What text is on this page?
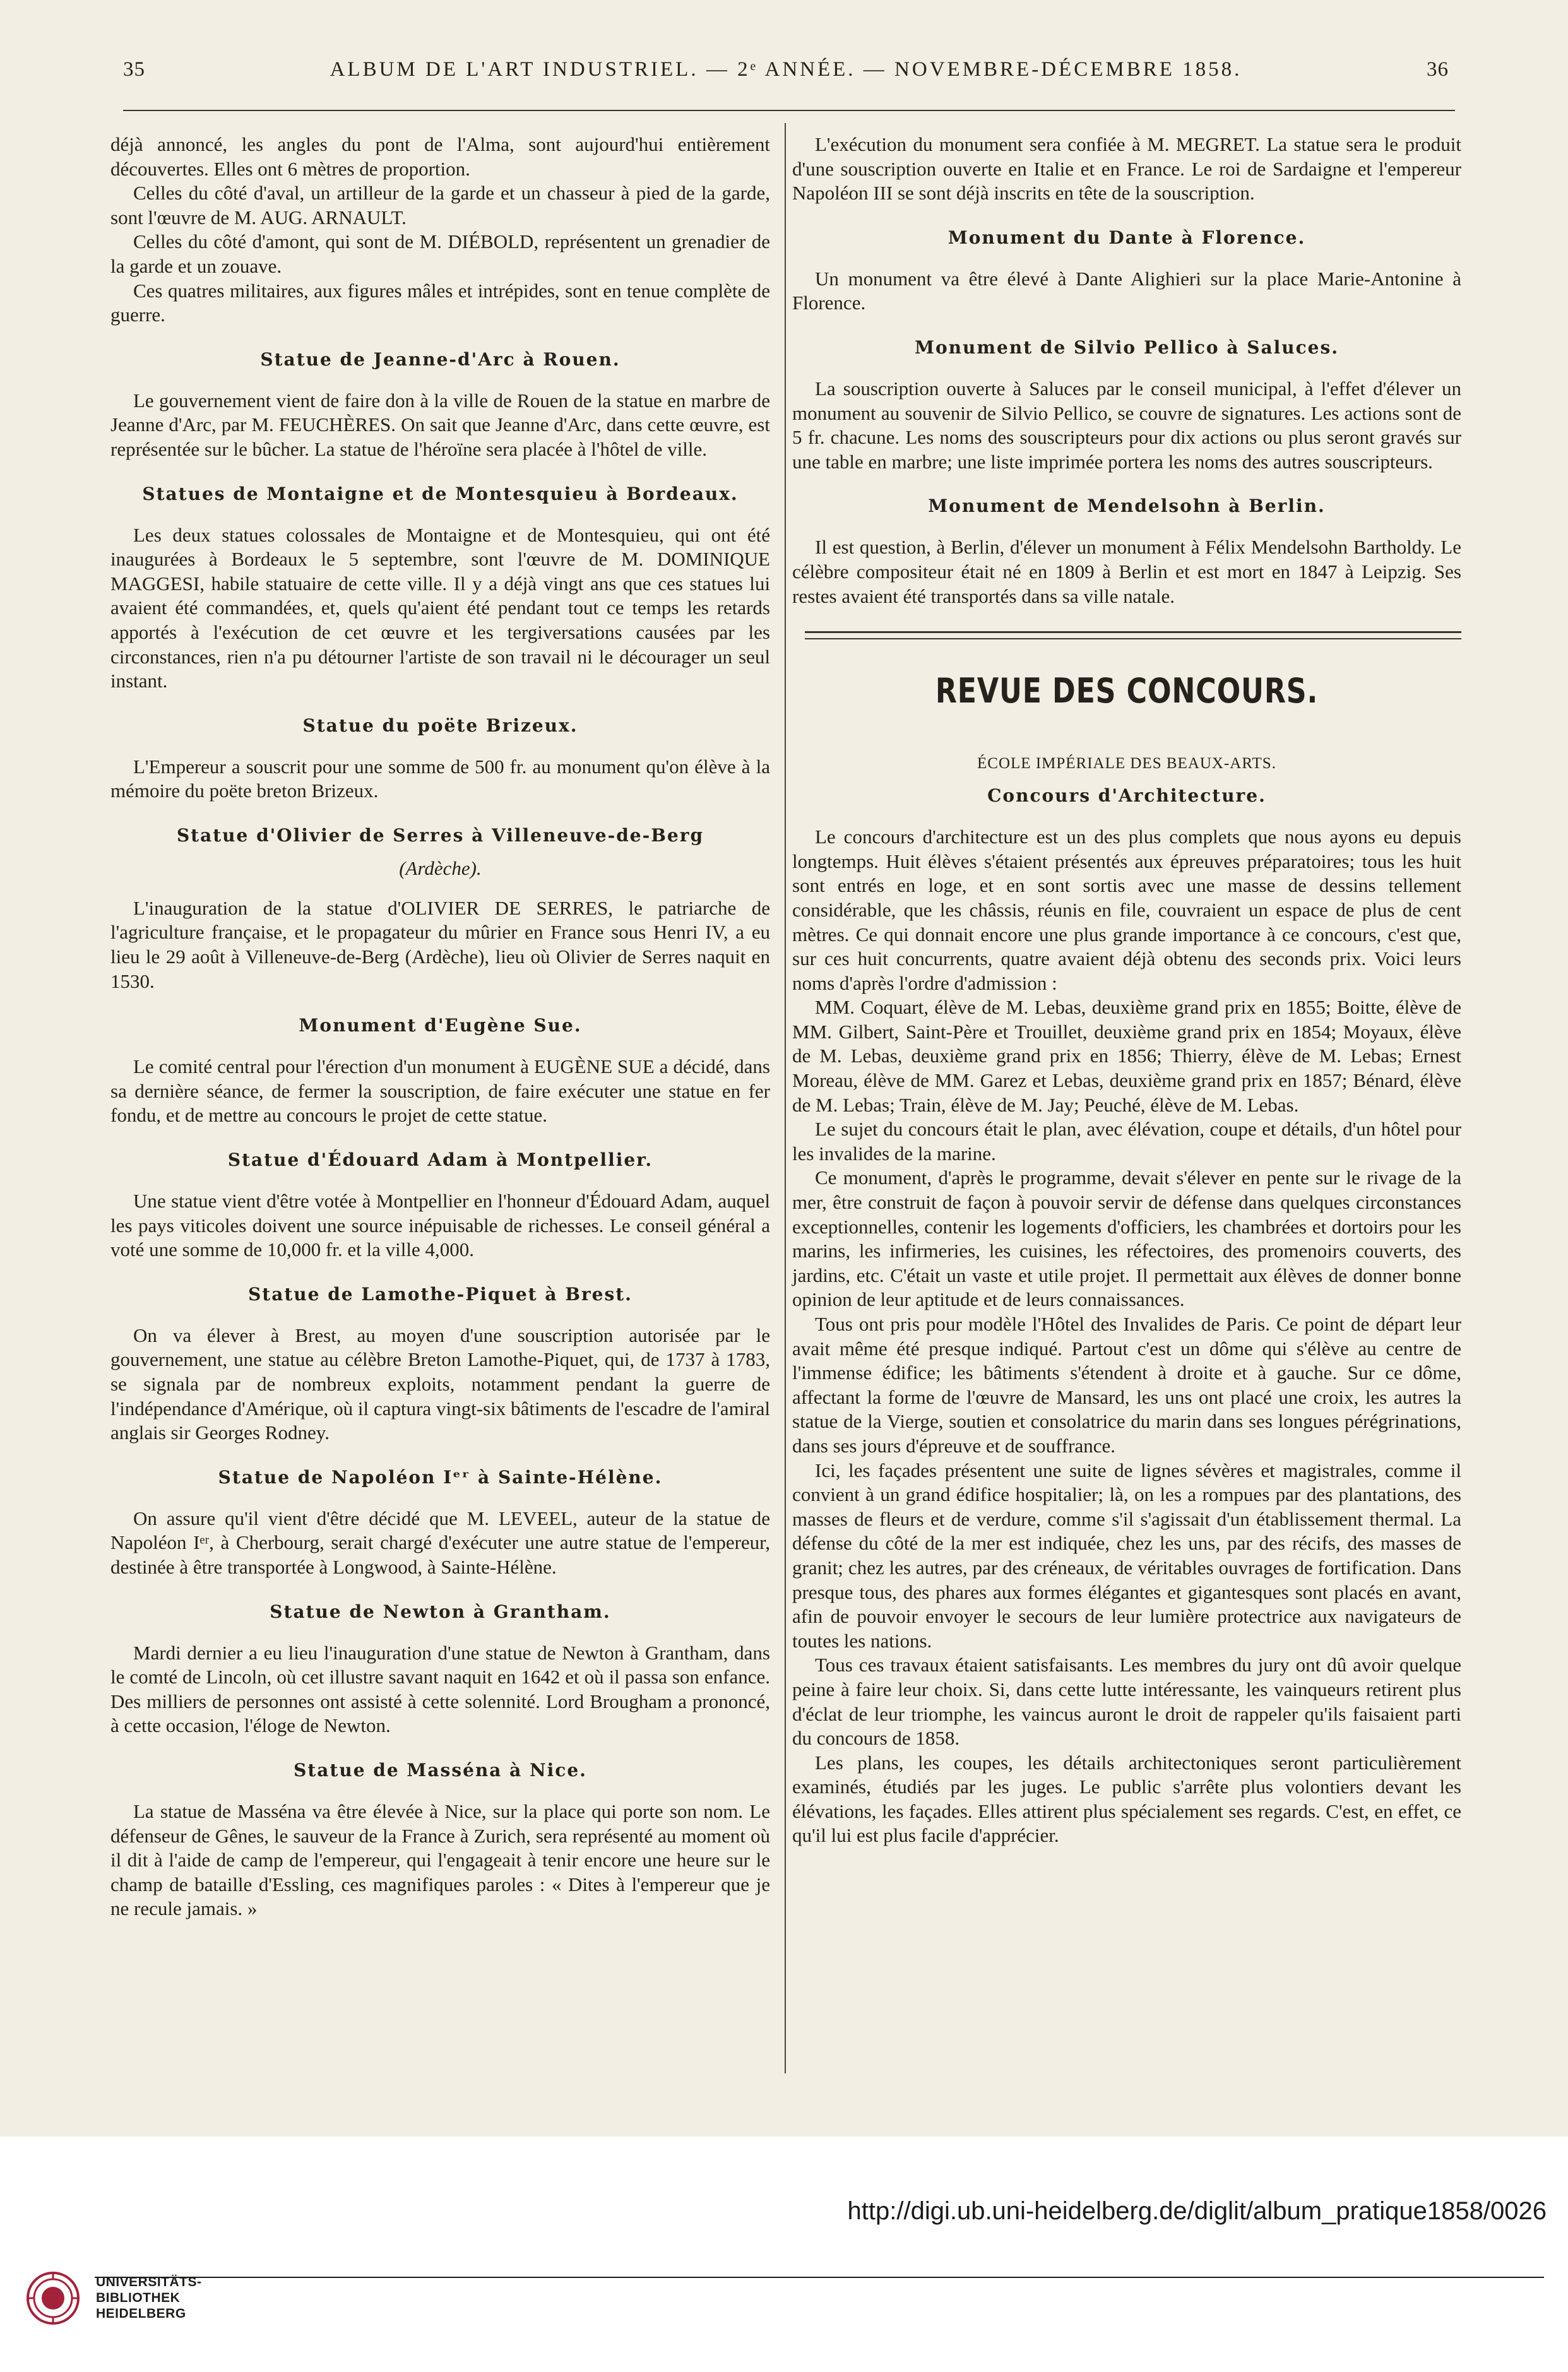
35	ALBUM DE L'ART INDUSTRIEL. — 2ᵉ ANNÉE. — NOVEMBRE-DÉCEMBRE 1858.	36

déjà annoncé, les angles du pont de l'Alma, sont aujourd'hui entièrement découvertes. Elles ont 6 mètres de proportion.

Celles du côté d'aval, un artilleur de la garde et un chasseur à pied de la garde, sont l'œuvre de M. AUG. ARNAULT.

Celles du côté d'amont, qui sont de M. DIÉBOLD, représentent un grenadier de la garde et un zouave.

Ces quatres militaires, aux figures mâles et intrépides, sont en tenue complète de guerre.

Statue de Jeanne-d'Arc à Rouen.

Le gouvernement vient de faire don à la ville de Rouen de la statue en marbre de Jeanne d'Arc, par M. FEUCHÈRES. On sait que Jeanne d'Arc, dans cette œuvre, est représentée sur le bûcher. La statue de l'héroïne sera placée à l'hôtel de ville.

Statues de Montaigne et de Montesquieu à Bordeaux.

Les deux statues colossales de Montaigne et de Montesquieu, qui ont été inaugurées à Bordeaux le 5 septembre, sont l'œuvre de M. DOMINIQUE MAGGESI, habile statuaire de cette ville. Il y a déjà vingt ans que ces statues lui avaient été commandées, et, quels qu'aient été pendant tout ce temps les retards apportés à l'exécution de cet œuvre et les tergiversations causées par les circonstances, rien n'a pu détourner l'artiste de son travail ni le décourager un seul instant.

Statue du poëte Brizeux.

L'Empereur a souscrit pour une somme de 500 fr. au monument qu'on élève à la mémoire du poëte breton Brizeux.

Statue d'Olivier de Serres à Villeneuve-de-Berg
(Ardèche).

L'inauguration de la statue d'OLIVIER DE SERRES, le patriarche de l'agriculture française, et le propagateur du mûrier en France sous Henri IV, a eu lieu le 29 août à Villeneuve-de-Berg (Ardèche), lieu où Olivier de Serres naquit en 1530.

Monument d'Eugène Sue.

Le comité central pour l'érection d'un monument à EUGÈNE SUE a décidé, dans sa dernière séance, de fermer la souscription, de faire exécuter une statue en fer fondu, et de mettre au concours le projet de cette statue.

Statue d'Édouard Adam à Montpellier.

Une statue vient d'être votée à Montpellier en l'honneur d'Édouard Adam, auquel les pays viticoles doivent une source inépuisable de richesses. Le conseil général a voté une somme de 10,000 fr. et la ville 4,000.

Statue de Lamothe-Piquet à Brest.

On va élever à Brest, au moyen d'une souscription autorisée par le gouvernement, une statue au célèbre Breton Lamothe-Piquet, qui, de 1737 à 1783, se signala par de nombreux exploits, notamment pendant la guerre de l'indépendance d'Amérique, où il captura vingt-six bâtiments de l'escadre de l'amiral anglais sir Georges Rodney.

Statue de Napoléon Iᵉʳ à Sainte-Hélène.

On assure qu'il vient d'être décidé que M. LEVEEL, auteur de la statue de Napoléon Iᵉʳ, à Cherbourg, serait chargé d'exécuter une autre statue de l'empereur, destinée à être transportée à Longwood, à Sainte-Hélène.

Statue de Newton à Grantham.

Mardi dernier a eu lieu l'inauguration d'une statue de Newton à Grantham, dans le comté de Lincoln, où cet illustre savant naquit en 1642 et où il passa son enfance. Des milliers de personnes ont assisté à cette solennité. Lord Brougham a prononcé, à cette occasion, l'éloge de Newton.

Statue de Masséna à Nice.

La statue de Masséna va être élevée à Nice, sur la place qui porte son nom. Le défenseur de Gênes, le sauveur de la France à Zurich, sera représenté au moment où il dit à l'aide de camp de l'empereur, qui l'engageait à tenir encore une heure sur le champ de bataille d'Essling, ces magnifiques paroles : « Dites à l'empereur que je ne recule jamais. »

L'exécution du monument sera confiée à M. MEGRET. La statue sera le produit d'une souscription ouverte en Italie et en France. Le roi de Sardaigne et l'empereur Napoléon III se sont déjà inscrits en tête de la souscription.

Monument du Dante à Florence.

Un monument va être élevé à Dante Alighieri sur la place Marie-Antonine à Florence.

Monument de Silvio Pellico à Saluces.

La souscription ouverte à Saluces par le conseil municipal, à l'effet d'élever un monument au souvenir de Silvio Pellico, se couvre de signatures. Les actions sont de 5 fr. chacune. Les noms des souscripteurs pour dix actions ou plus seront gravés sur une table en marbre; une liste imprimée portera les noms des autres souscripteurs.

Monument de Mendelsohn à Berlin.

Il est question, à Berlin, d'élever un monument à Félix Mendelsohn Bartholdy. Le célèbre compositeur était né en 1809 à Berlin et est mort en 1847 à Leipzig. Ses restes avaient été transportés dans sa ville natale.

REVUE DES CONCOURS.
ÉCOLE IMPÉRIALE DES BEAUX-ARTS.
Concours d'Architecture.

Le concours d'architecture est un des plus complets que nous ayons eu depuis longtemps. Huit élèves s'étaient présentés aux épreuves préparatoires; tous les huit sont entrés en loge, et en sont sortis avec une masse de dessins tellement considérable, que les châssis, réunis en file, couvraient un espace de plus de cent mètres. Ce qui donnait encore une plus grande importance à ce concours, c'est que, sur ces huit concurrents, quatre avaient déjà obtenu des seconds prix. Voici leurs noms d'après l'ordre d'admission :

MM. Coquart, élève de M. Lebas, deuxième grand prix en 1855; Boitte, élève de MM. Gilbert, Saint-Père et Trouillet, deuxième grand prix en 1854; Moyaux, élève de M. Lebas, deuxième grand prix en 1856; Thierry, élève de M. Lebas; Ernest Moreau, élève de MM. Garez et Lebas, deuxième grand prix en 1857; Bénard, élève de M. Lebas; Train, élève de M. Jay; Peuché, élève de M. Lebas.

Le sujet du concours était le plan, avec élévation, coupe et détails, d'un hôtel pour les invalides de la marine.

Ce monument, d'après le programme, devait s'élever en pente sur le rivage de la mer, être construit de façon à pouvoir servir de défense dans quelques circonstances exceptionnelles, contenir les logements d'officiers, les chambrées et dortoirs pour les marins, les infirmeries, les cuisines, les réfectoires, des promenoirs couverts, des jardins, etc. C'était un vaste et utile projet. Il permettait aux élèves de donner bonne opinion de leur aptitude et de leurs connaissances.

Tous ont pris pour modèle l'Hôtel des Invalides de Paris. Ce point de départ leur avait même été presque indiqué. Partout c'est un dôme qui s'élève au centre de l'immense édifice; les bâtiments s'étendent à droite et à gauche. Sur ce dôme, affectant la forme de l'œuvre de Mansard, les uns ont placé une croix, les autres la statue de la Vierge, soutien et consolatrice du marin dans ses longues pérégrinations, dans ses jours d'épreuve et de souffrance.

Ici, les façades présentent une suite de lignes sévères et magistrales, comme il convient à un grand édifice hospitalier; là, on les a rompues par des plantations, des masses de fleurs et de verdure, comme s'il s'agissait d'un établissement thermal. La défense du côté de la mer est indiquée, chez les uns, par des récifs, des masses de granit; chez les autres, par des créneaux, de véritables ouvrages de fortification. Dans presque tous, des phares aux formes élégantes et gigantesques sont placés en avant, afin de pouvoir envoyer le secours de leur lumière protectrice aux navigateurs de toutes les nations.

Tous ces travaux étaient satisfaisants. Les membres du jury ont dû avoir quelque peine à faire leur choix. Si, dans cette lutte intéressante, les vainqueurs retirent plus d'éclat de leur triomphe, les vaincus auront le droit de rappeler qu'ils faisaient parti du concours de 1858.

Les plans, les coupes, les détails architectoniques seront particulièrement examinés, étudiés par les juges. Le public s'arrête plus volontiers devant les élévations, les façades. Elles attirent plus spécialement ses regards. C'est, en effet, ce qu'il lui est plus facile d'apprécier.

http://digi.ub.uni-heidelberg.de/diglit/album_pratique1858/0026
UNIVERSITÄTS-
BIBLIOTHEK
HEIDELBERG
